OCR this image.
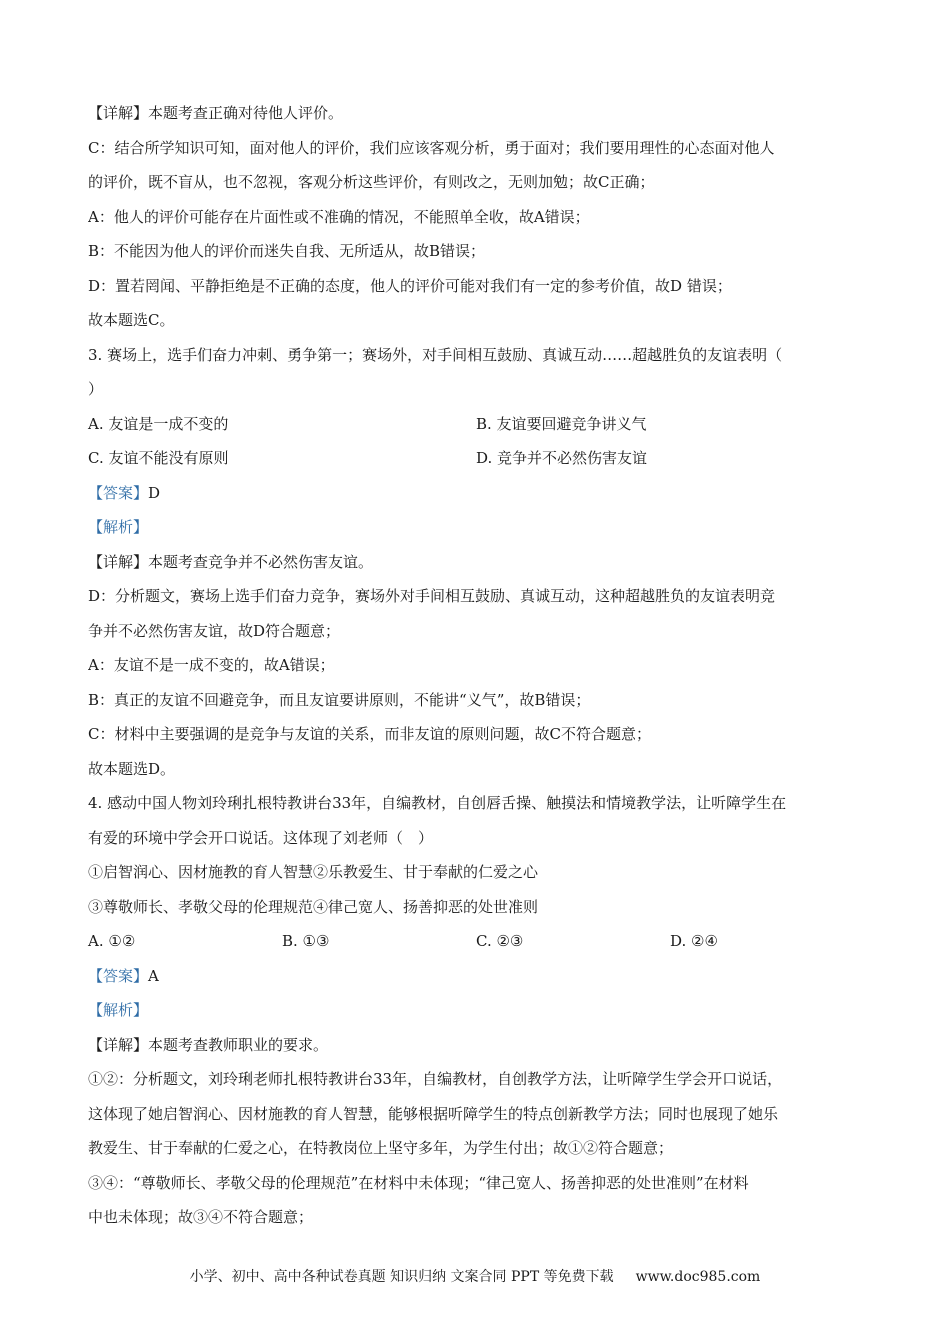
【详解】本题考查正确对待他人评价。
C：结合所学知识可知，面对他人的评价，我们应该客观分析，勇于面对；我们要用理性的心态面对他人
的评价，既不盲从，也不忽视，客观分析这些评价，有则改之，无则加勉；故C正确；
A：他人的评价可能存在片面性或不准确的情况，不能照单全收，故A错误；
B：不能因为他人的评价而迷失自我、无所适从，故B错误；
D：置若罔闻、平静拒绝是不正确的态度，他人的评价可能对我们有一定的参考价值，故D 错误；
故本题选C。
3. 赛场上，选手们奋力冲刺、勇争第一；赛场外，对手间相互鼓励、真诚互动……超越胜负的友谊表明（
）
A. 友谊是一成不变的	B. 友谊要回避竞争讲义气
C. 友谊不能没有原则	D. 竞争并不必然伤害友谊
【答案】D
【解析】
【详解】本题考查竞争并不必然伤害友谊。
D：分析题文，赛场上选手们奋力竞争，赛场外对手间相互鼓励、真诚互动，这种超越胜负的友谊表明竞
争并不必然伤害友谊，故D符合题意；
A：友谊不是一成不变的，故A错误；
B：真正的友谊不回避竞争，而且友谊要讲原则，不能讲“义气”，故B错误；
C：材料中主要强调的是竞争与友谊的关系，而非友谊的原则问题，故C不符合题意；
故本题选D。
4. 感动中国人物刘玲琍扎根特教讲台33年，自编教材，自创唇舌操、触摸法和情境教学法，让听障学生在
有爱的环境中学会开口说话。这体现了刘老师（　）
①启智润心、因材施教的育人智慧②乐教爱生、甘于奉献的仁爱之心
③尊敬师长、孝敬父母的伦理规范④律己宽人、扬善抑恶的处世准则
A. ①②	B. ①③	C. ②③	D. ②④
【答案】A
【解析】
【详解】本题考查教师职业的要求。
①②：分析题文，刘玲琍老师扎根特教讲台33年，自编教材，自创教学方法，让听障学生学会开口说话，
这体现了她启智润心、因材施教的育人智慧，能够根据听障学生的特点创新教学方法；同时也展现了她乐
教爱生、甘于奉献的仁爱之心，在特教岗位上坚守多年，为学生付出；故①②符合题意；
③④：“尊敬师长、孝敬父母的伦理规范”在材料中未体现；“律己宽人、扬善抑恶的处世准则”在材料
中也未体现；故③④不符合题意；
小学、初中、高中各种试卷真题 知识归纳 文案合同 PPT 等免费下载 www.doc985.com
